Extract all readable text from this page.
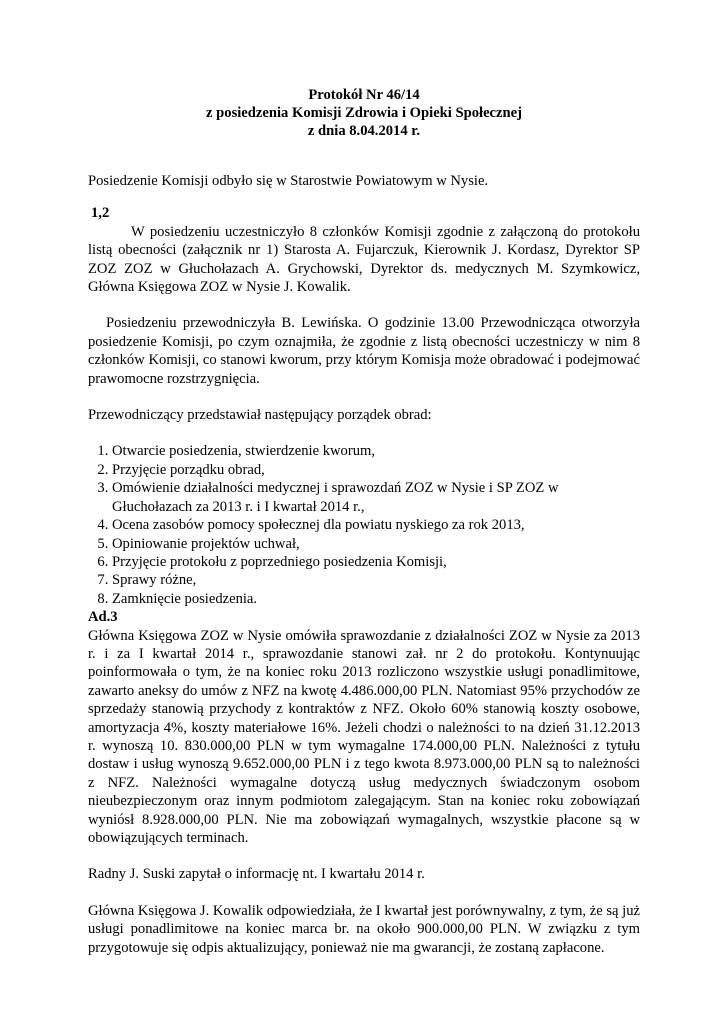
Protokół Nr 46/14
z posiedzenia Komisji Zdrowia i Opieki Społecznej
z dnia 8.04.2014 r.

Posiedzenie Komisji odbyło się w Starostwie Powiatowym w Nysie.

1,2

W posiedzeniu uczestniczyło 8 członków Komisji zgodnie z załączoną do protokołu listą obecności (załącznik nr 1) Starosta A. Fujarczuk, Kierownik J. Kordasz, Dyrektor SP ZOZ ZOZ w Głuchołazach A. Grychowski, Dyrektor ds. medycznych M. Szymkowicz, Główna Księgowa ZOZ w Nysie J. Kowalik.

Posiedzeniu przewodniczyła B. Lewińska. O godzinie 13.00 Przewodnicząca otworzyła posiedzenie Komisji, po czym oznajmiła, że zgodnie z listą obecności uczestniczy w nim 8 członków Komisji, co stanowi kworum, przy którym Komisja może obradować i podejmować prawomocne rozstrzygnięcia.

Przewodniczący przedstawiał następujący porządek obrad:

1. Otwarcie posiedzenia, stwierdzenie kworum,
2. Przyjęcie porządku obrad,
3. Omówienie działalności medycznej i sprawozdań ZOZ w Nysie i SP ZOZ w Głuchołazach za 2013 r. i I kwartał 2014 r.,
4. Ocena zasobów pomocy społecznej dla powiatu nyskiego za rok 2013,
5. Opiniowanie projektów uchwał,
6. Przyjęcie protokołu z poprzedniego posiedzenia Komisji,
7. Sprawy różne,
8. Zamknięcie posiedzenia.

Ad.3

Główna Księgowa ZOZ w Nysie omówiła sprawozdanie z działalności ZOZ w Nysie za 2013 r. i za I kwartał 2014 r., sprawozdanie stanowi zał. nr 2 do protokołu. Kontynuując poinformowała o tym, że na koniec roku 2013 rozliczono wszystkie usługi ponadlimitowe, zawarto aneksy do umów z NFZ na kwotę 4.486.000,00 PLN. Natomiast 95% przychodów ze sprzedaży stanowią przychody z kontraktów z NFZ. Około 60% stanowią koszty osobowe, amortyzacja 4%, koszty materiałowe 16%. Jeżeli chodzi o należności to na dzień 31.12.2013 r. wynoszą 10. 830.000,00 PLN w tym wymagalne 174.000,00 PLN. Należności z tytułu dostaw i usług wynoszą 9.652.000,00 PLN i z tego kwota 8.973.000,00 PLN są to należności z NFZ. Należności wymagalne dotyczą usług medycznych świadczonym osobom nieubezpieczonym oraz innym podmiotom zalegającym. Stan na koniec roku zobowiązań wyniósł 8.928.000,00 PLN. Nie ma zobowiązań wymagalnych, wszystkie płacone są w obowiązujących terminach.

Radny J. Suski zapytał o informację nt. I kwartału 2014 r.

Główna Księgowa J. Kowalik odpowiedziała, że I kwartał jest porównywalny, z tym, że są już usługi ponadlimitowe na koniec marca br. na około 900.000,00 PLN. W związku z tym przygotowuje się odpis aktualizujący, ponieważ nie ma gwarancji, że zostaną zapłacone.
